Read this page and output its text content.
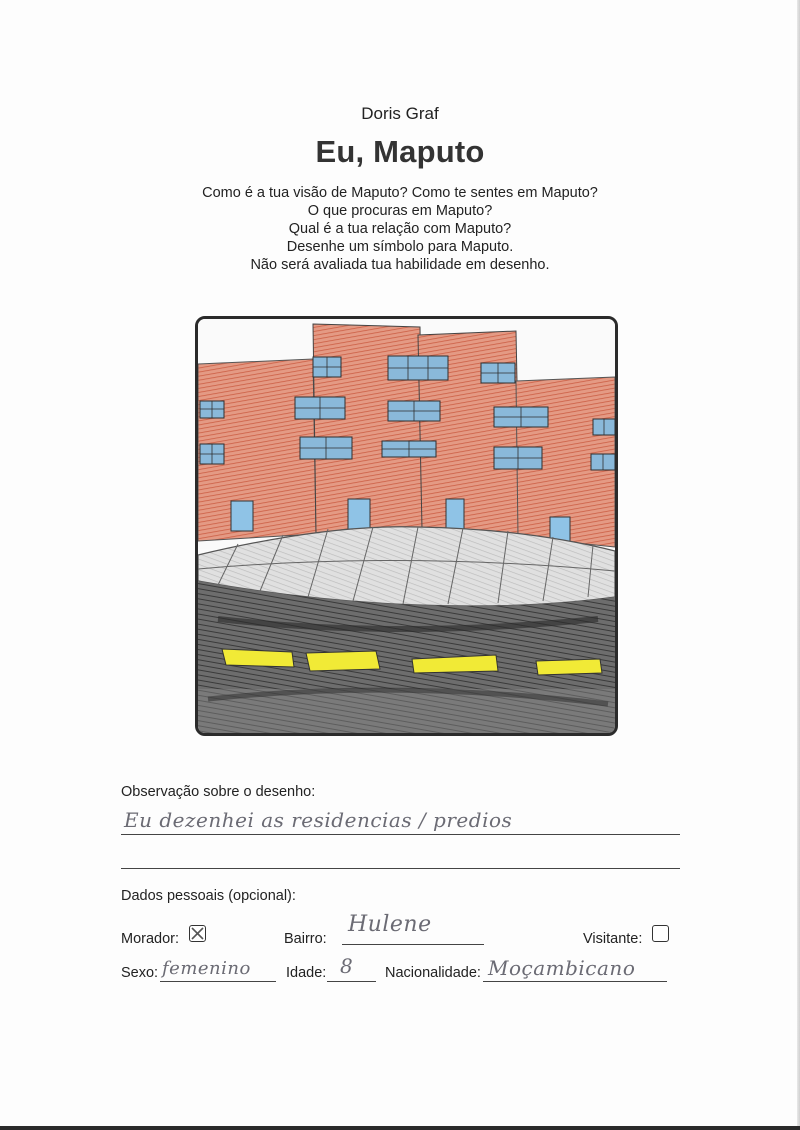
Doris Graf
Eu, Maputo
Como é a tua visão de Maputo? Como te sentes em Maputo?
O que procuras em Maputo?
Qual é a tua relação com Maputo?
Desenhe um símbolo para Maputo.
Não será avaliada tua habilidade em desenho.
Observação sobre o desenho:
Eu dezenhei as residencias / predios
Dados pessoais (opcional):
Morador:	Bairro:
Hulene
Visitante:
Sexo: femenino Idade: 8 Nacionalidade: Moçambicano
